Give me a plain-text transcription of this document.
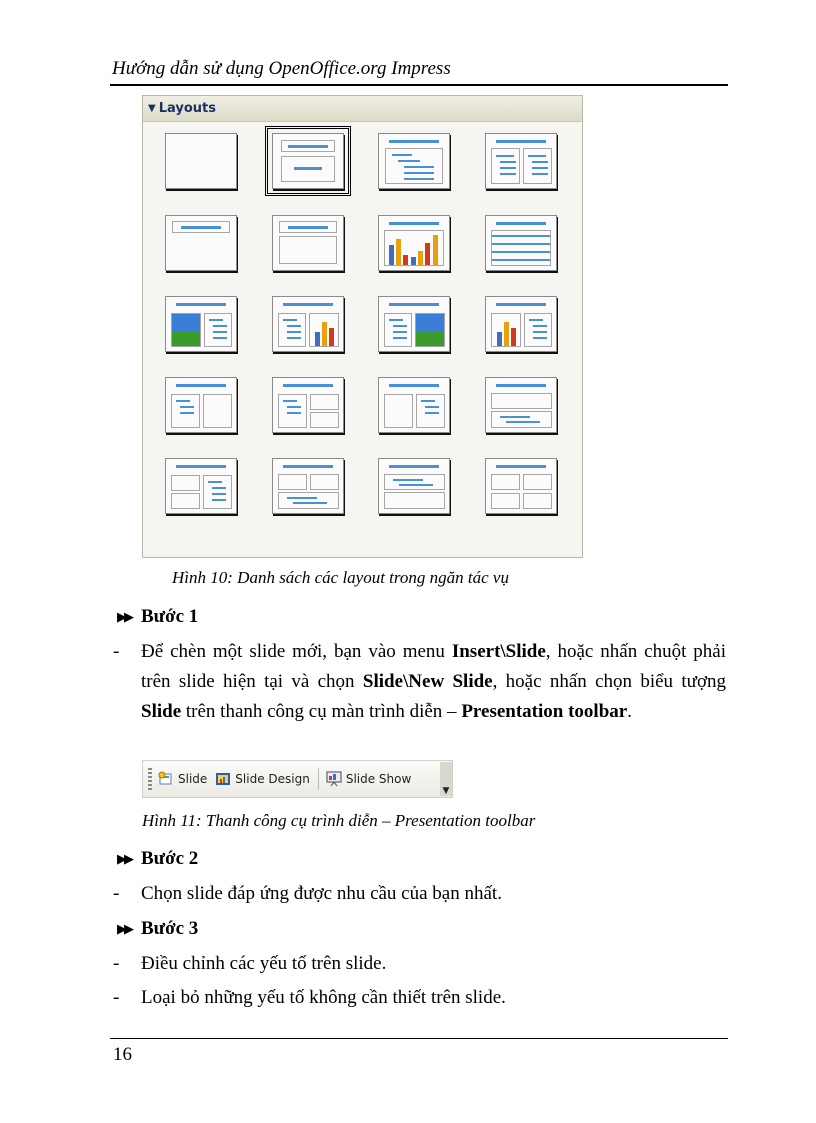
Hướng dẫn sử dụng OpenOffice.org Impress
▼ Layouts
Hình 10: Danh sách các layout trong ngăn tác vụ
▶▶ Bước 1
- Để chèn một slide mới, bạn vào menu Insert\Slide, hoặc nhấn chuột phải trên slide hiện tại và chọn Slide\New Slide, hoặc nhấn chọn biểu tượng Slide trên thanh công cụ màn trình diễn – Presentation toolbar.
Slide Slide Design	Slide Show
▼
Hình 11: Thanh công cụ trình diễn – Presentation toolbar
▶▶ Bước 2
- Chọn slide đáp ứng được nhu cầu của bạn nhất.
▶▶ Bước 3
- Điều chỉnh các yếu tố trên slide.
- Loại bỏ những yếu tố không cần thiết trên slide.
16
